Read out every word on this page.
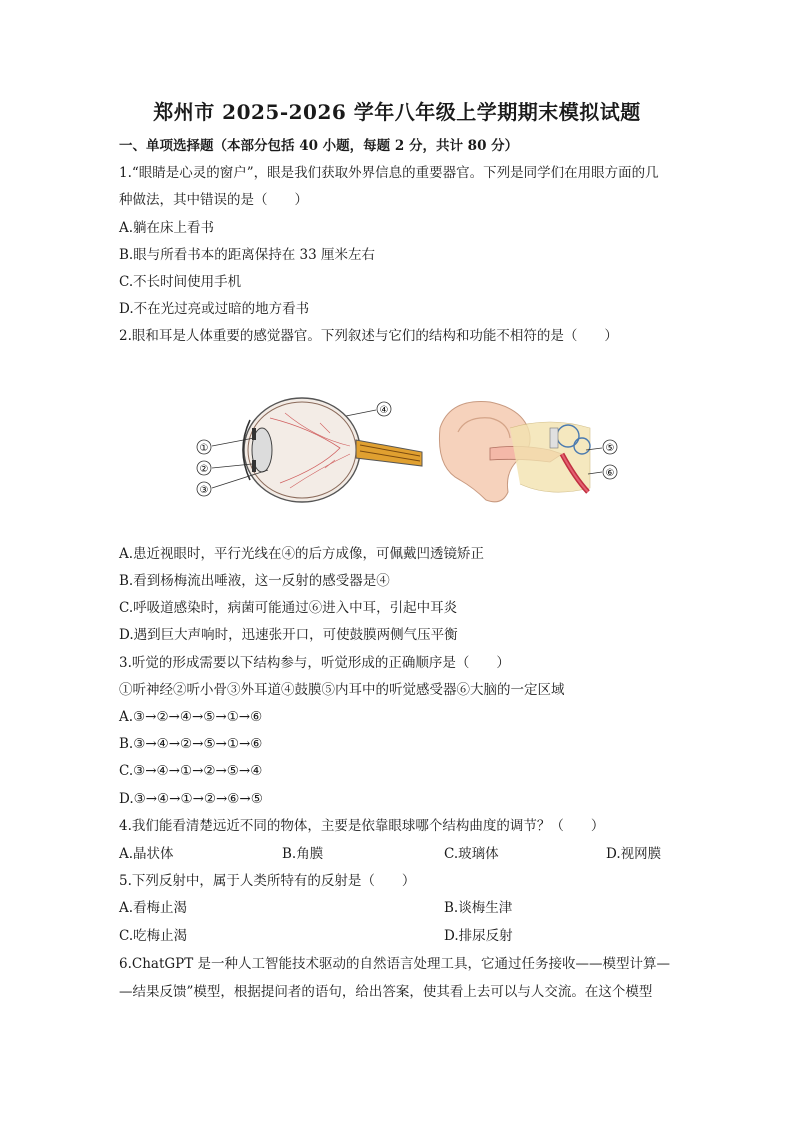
郑州市 2025-2026 学年八年级上学期期末模拟试题
一、单项选择题（本部分包括 40 小题，每题 2 分，共计 80 分）
1.“眼睛是心灵的窗户”，眼是我们获取外界信息的重要器官。下列是同学们在用眼方面的几
种做法，其中错误的是（　　）
A.躺在床上看书
B.眼与所看书本的距离保持在 33 厘米左右
C.不长时间使用手机
D.不在光过亮或过暗的地方看书
2.眼和耳是人体重要的感觉器官。下列叙述与它们的结构和功能不相符的是（　　）
①
②
③
④
⑤
⑥
A.患近视眼时，平行光线在④的后方成像，可佩戴凹透镜矫正
B.看到杨梅流出唾液，这一反射的感受器是④
C.呼吸道感染时，病菌可能通过⑥进入中耳，引起中耳炎
D.遇到巨大声响时，迅速张开口，可使鼓膜两侧气压平衡
3.听觉的形成需要以下结构参与，听觉形成的正确顺序是（　　）
①听神经②听小骨③外耳道④鼓膜⑤内耳中的听觉感受器⑥大脑的一定区域
A.③→②→④→⑤→①→⑥
B.③→④→②→⑤→①→⑥
C.③→④→①→②→⑤→④
D.③→④→①→②→⑥→⑤
4.我们能看清楚远近不同的物体，主要是依靠眼球哪个结构曲度的调节？（　　）
A.晶状体	B.角膜	C.玻璃体	D.视网膜
5.下列反射中，属于人类所特有的反射是（　　）
A.看梅止渴	B.谈梅生津
C.吃梅止渴	D.排尿反射
6.ChatGPT 是一种人工智能技术驱动的自然语言处理工具，它通过任务接收——模型计算—
—结果反馈”模型，根据提问者的语句，给出答案，使其看上去可以与人交流。在这个模型
